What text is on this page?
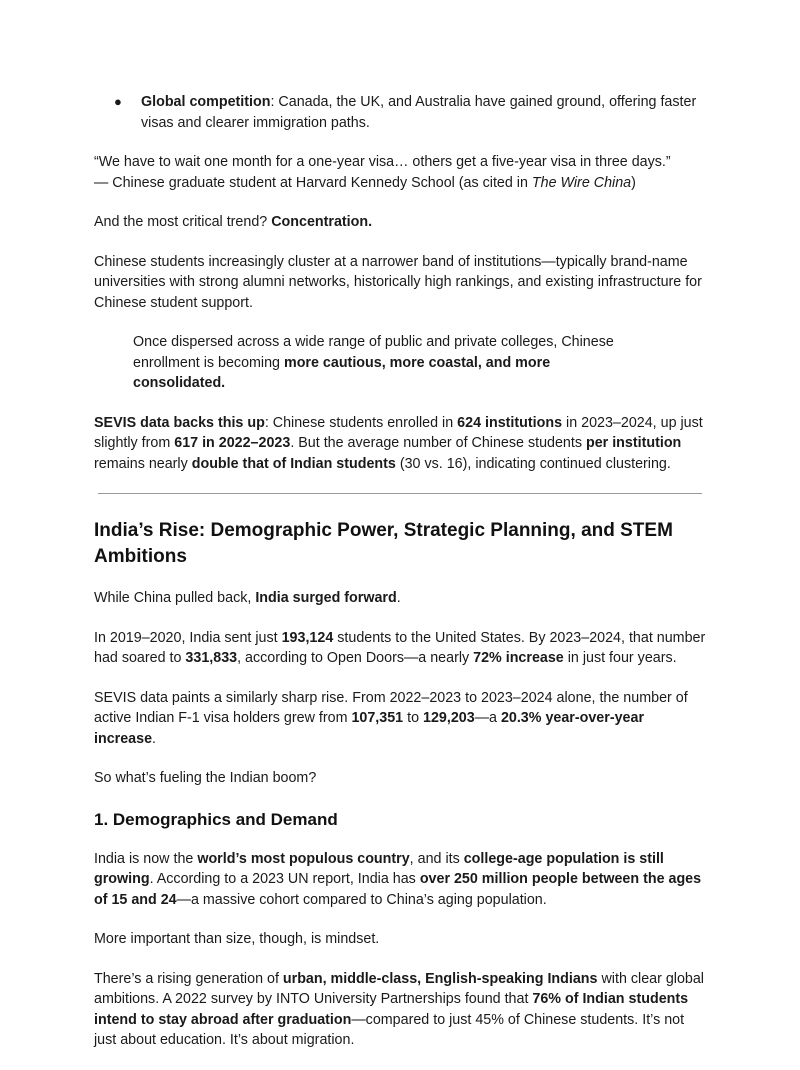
● Global competition: Canada, the UK, and Australia have gained ground, offering faster visas and clearer immigration paths.

“We have to wait one month for a one-year visa… others get a five-year visa in three days.”
— Chinese graduate student at Harvard Kennedy School (as cited in The Wire China)

And the most critical trend? Concentration.

Chinese students increasingly cluster at a narrower band of institutions—typically brand-name universities with strong alumni networks, historically high rankings, and existing infrastructure for Chinese student support.

Once dispersed across a wide range of public and private colleges, Chinese enrollment is becoming more cautious, more coastal, and more consolidated.

SEVIS data backs this up: Chinese students enrolled in 624 institutions in 2023–2024, up just slightly from 617 in 2022–2023. But the average number of Chinese students per institution remains nearly double that of Indian students (30 vs. 16), indicating continued clustering.

India’s Rise: Demographic Power, Strategic Planning, and STEM Ambitions

While China pulled back, India surged forward.

In 2019–2020, India sent just 193,124 students to the United States. By 2023–2024, that number had soared to 331,833, according to Open Doors—a nearly 72% increase in just four years.

SEVIS data paints a similarly sharp rise. From 2022–2023 to 2023–2024 alone, the number of active Indian F-1 visa holders grew from 107,351 to 129,203—a 20.3% year-over-year increase.

So what’s fueling the Indian boom?

1. Demographics and Demand

India is now the world’s most populous country, and its college-age population is still growing. According to a 2023 UN report, India has over 250 million people between the ages of 15 and 24—a massive cohort compared to China’s aging population.

More important than size, though, is mindset.

There’s a rising generation of urban, middle-class, English-speaking Indians with clear global ambitions. A 2022 survey by INTO University Partnerships found that 76% of Indian students intend to stay abroad after graduation—compared to just 45% of Chinese students. It’s not just about education. It’s about migration.
